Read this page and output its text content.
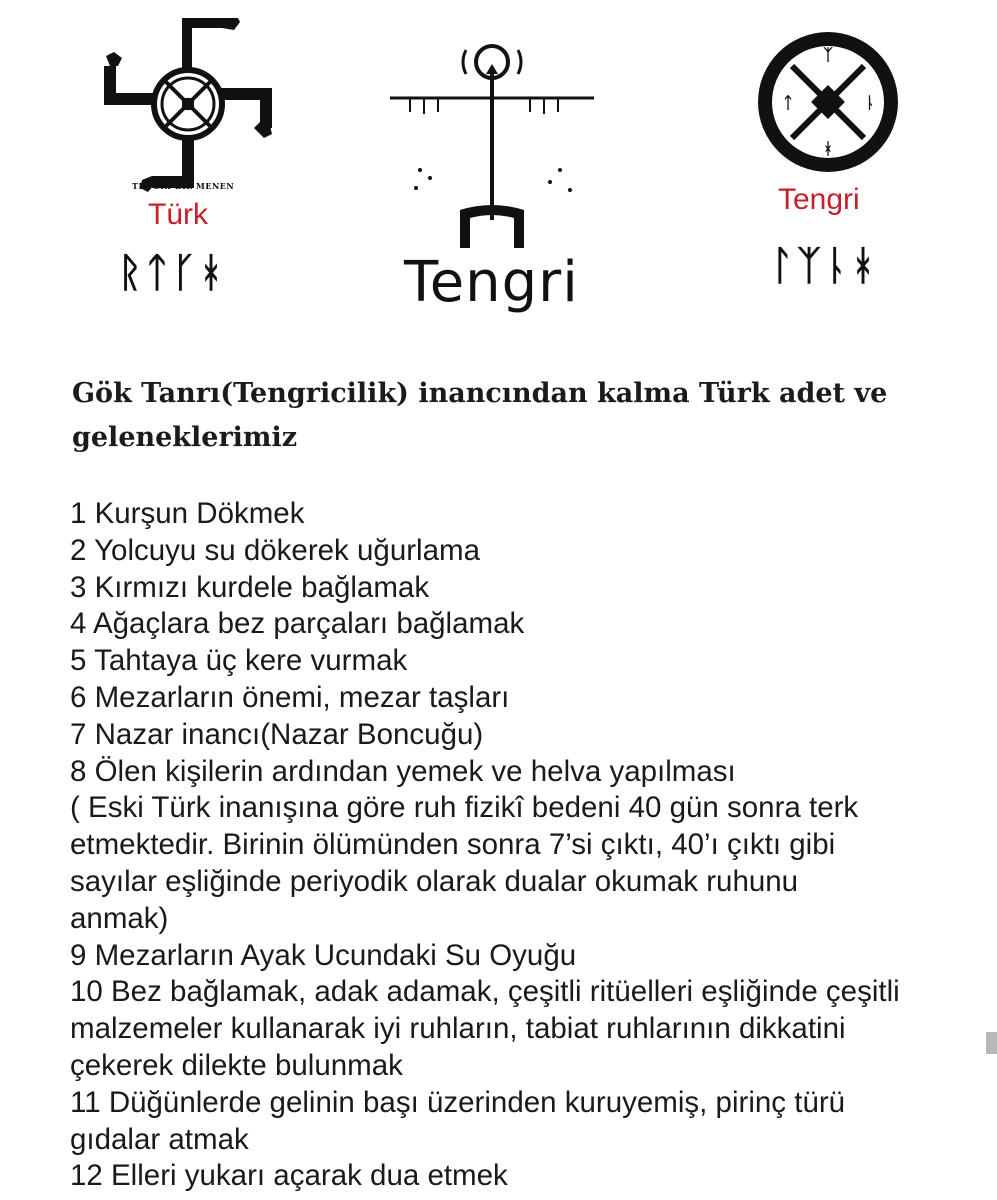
TENGRI BIZ MENEN
Türk
ᚱᛏᚴᚼ	Tengri
ᛉ
ᛏ	ᚿ
ᚼ
Tengri
ᛚᛉᚿᚼ
Gök Tanrı(Tengricilik) inancından kalma Türk adet ve
geleneklerimiz
1 Kurşun Dökmek
2 Yolcuyu su dökerek uğurlama
3 Kırmızı kurdele bağlamak
4 Ağaçlara bez parçaları bağlamak
5 Tahtaya üç kere vurmak
6 Mezarların önemi, mezar taşları
7 Nazar inancı(Nazar Boncuğu)
8 Ölen kişilerin ardından yemek ve helva yapılması
( Eski Türk inanışına göre ruh fizikî bedeni 40 gün sonra terk
etmektedir. Birinin ölümünden sonra 7’si çıktı, 40’ı çıktı gibi
sayılar eşliğinde periyodik olarak dualar okumak ruhunu
anmak)
9 Mezarların Ayak Ucundaki Su Oyuğu
10 Bez bağlamak, adak adamak, çeşitli ritüelleri eşliğinde çeşitli
malzemeler kullanarak iyi ruhların, tabiat ruhlarının dikkatini
çekerek dilekte bulunmak
11 Düğünlerde gelinin başı üzerinden kuruyemiş, pirinç türü
gıdalar atmak
12 Elleri yukarı açarak dua etmek
